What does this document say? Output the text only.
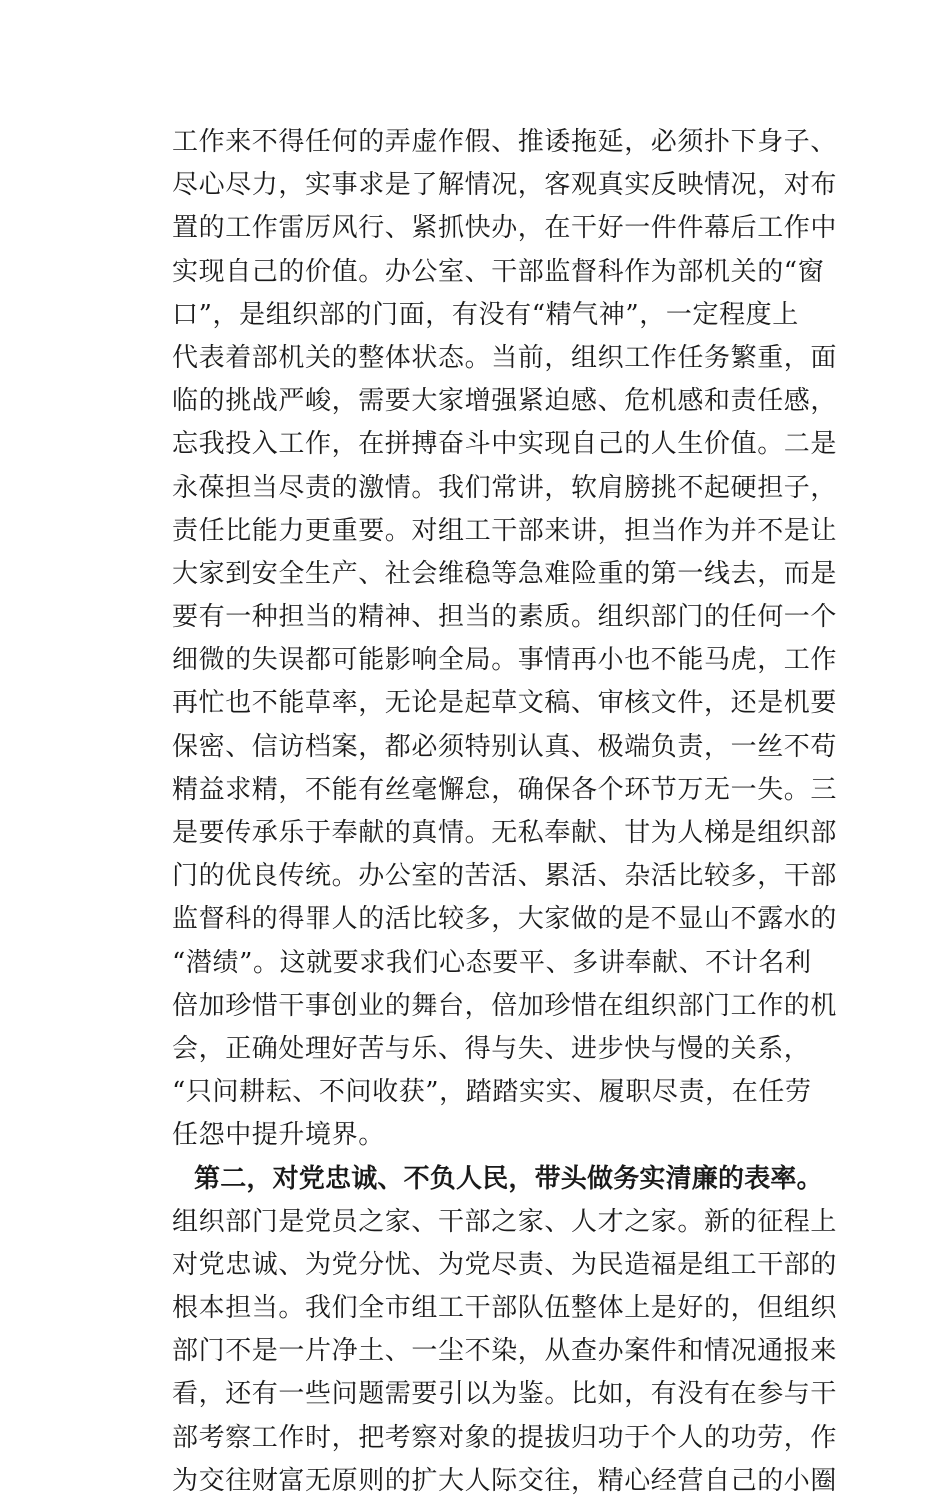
工作来不得任何的弄虚作假、推诿拖延，必须扑下身子、
尽心尽力，实事求是了解情况，客观真实反映情况，对布
置的工作雷厉风行、紧抓快办，在干好一件件幕后工作中
实现自己的价值。办公室、干部监督科作为部机关的“窗
口”，是组织部的门面，有没有“精气神”，一定程度上
代表着部机关的整体状态。当前，组织工作任务繁重，面
临的挑战严峻，需要大家增强紧迫感、危机感和责任感，
忘我投入工作，在拼搏奋斗中实现自己的人生价值。二是
永葆担当尽责的激情。我们常讲，软肩膀挑不起硬担子，
责任比能力更重要。对组工干部来讲，担当作为并不是让
大家到安全生产、社会维稳等急难险重的第一线去，而是
要有一种担当的精神、担当的素质。组织部门的任何一个
细微的失误都可能影响全局。事情再小也不能马虎，工作
再忙也不能草率，无论是起草文稿、审核文件，还是机要
保密、信访档案，都必须特别认真、极端负责，一丝不苟
精益求精，不能有丝毫懈怠，确保各个环节万无一失。三
是要传承乐于奉献的真情。无私奉献、甘为人梯是组织部
门的优良传统。办公室的苦活、累活、杂活比较多，干部
监督科的得罪人的活比较多，大家做的是不显山不露水的
“潜绩”。这就要求我们心态要平、多讲奉献、不计名利
倍加珍惜干事创业的舞台，倍加珍惜在组织部门工作的机
会，正确处理好苦与乐、得与失、进步快与慢的关系，
“只问耕耘、不问收获”，踏踏实实、履职尽责，在任劳
任怨中提升境界。
第二，对党忠诚、不负人民，带头做务实清廉的表率。
组织部门是党员之家、干部之家、人才之家。新的征程上
对党忠诚、为党分忧、为党尽责、为民造福是组工干部的
根本担当。我们全市组工干部队伍整体上是好的，但组织
部门不是一片净土、一尘不染，从查办案件和情况通报来
看，还有一些问题需要引以为鉴。比如，有没有在参与干
部考察工作时，把考察对象的提拔归功于个人的功劳，作
为交往财富无原则的扩大人际交往，精心经营自己的小圈
